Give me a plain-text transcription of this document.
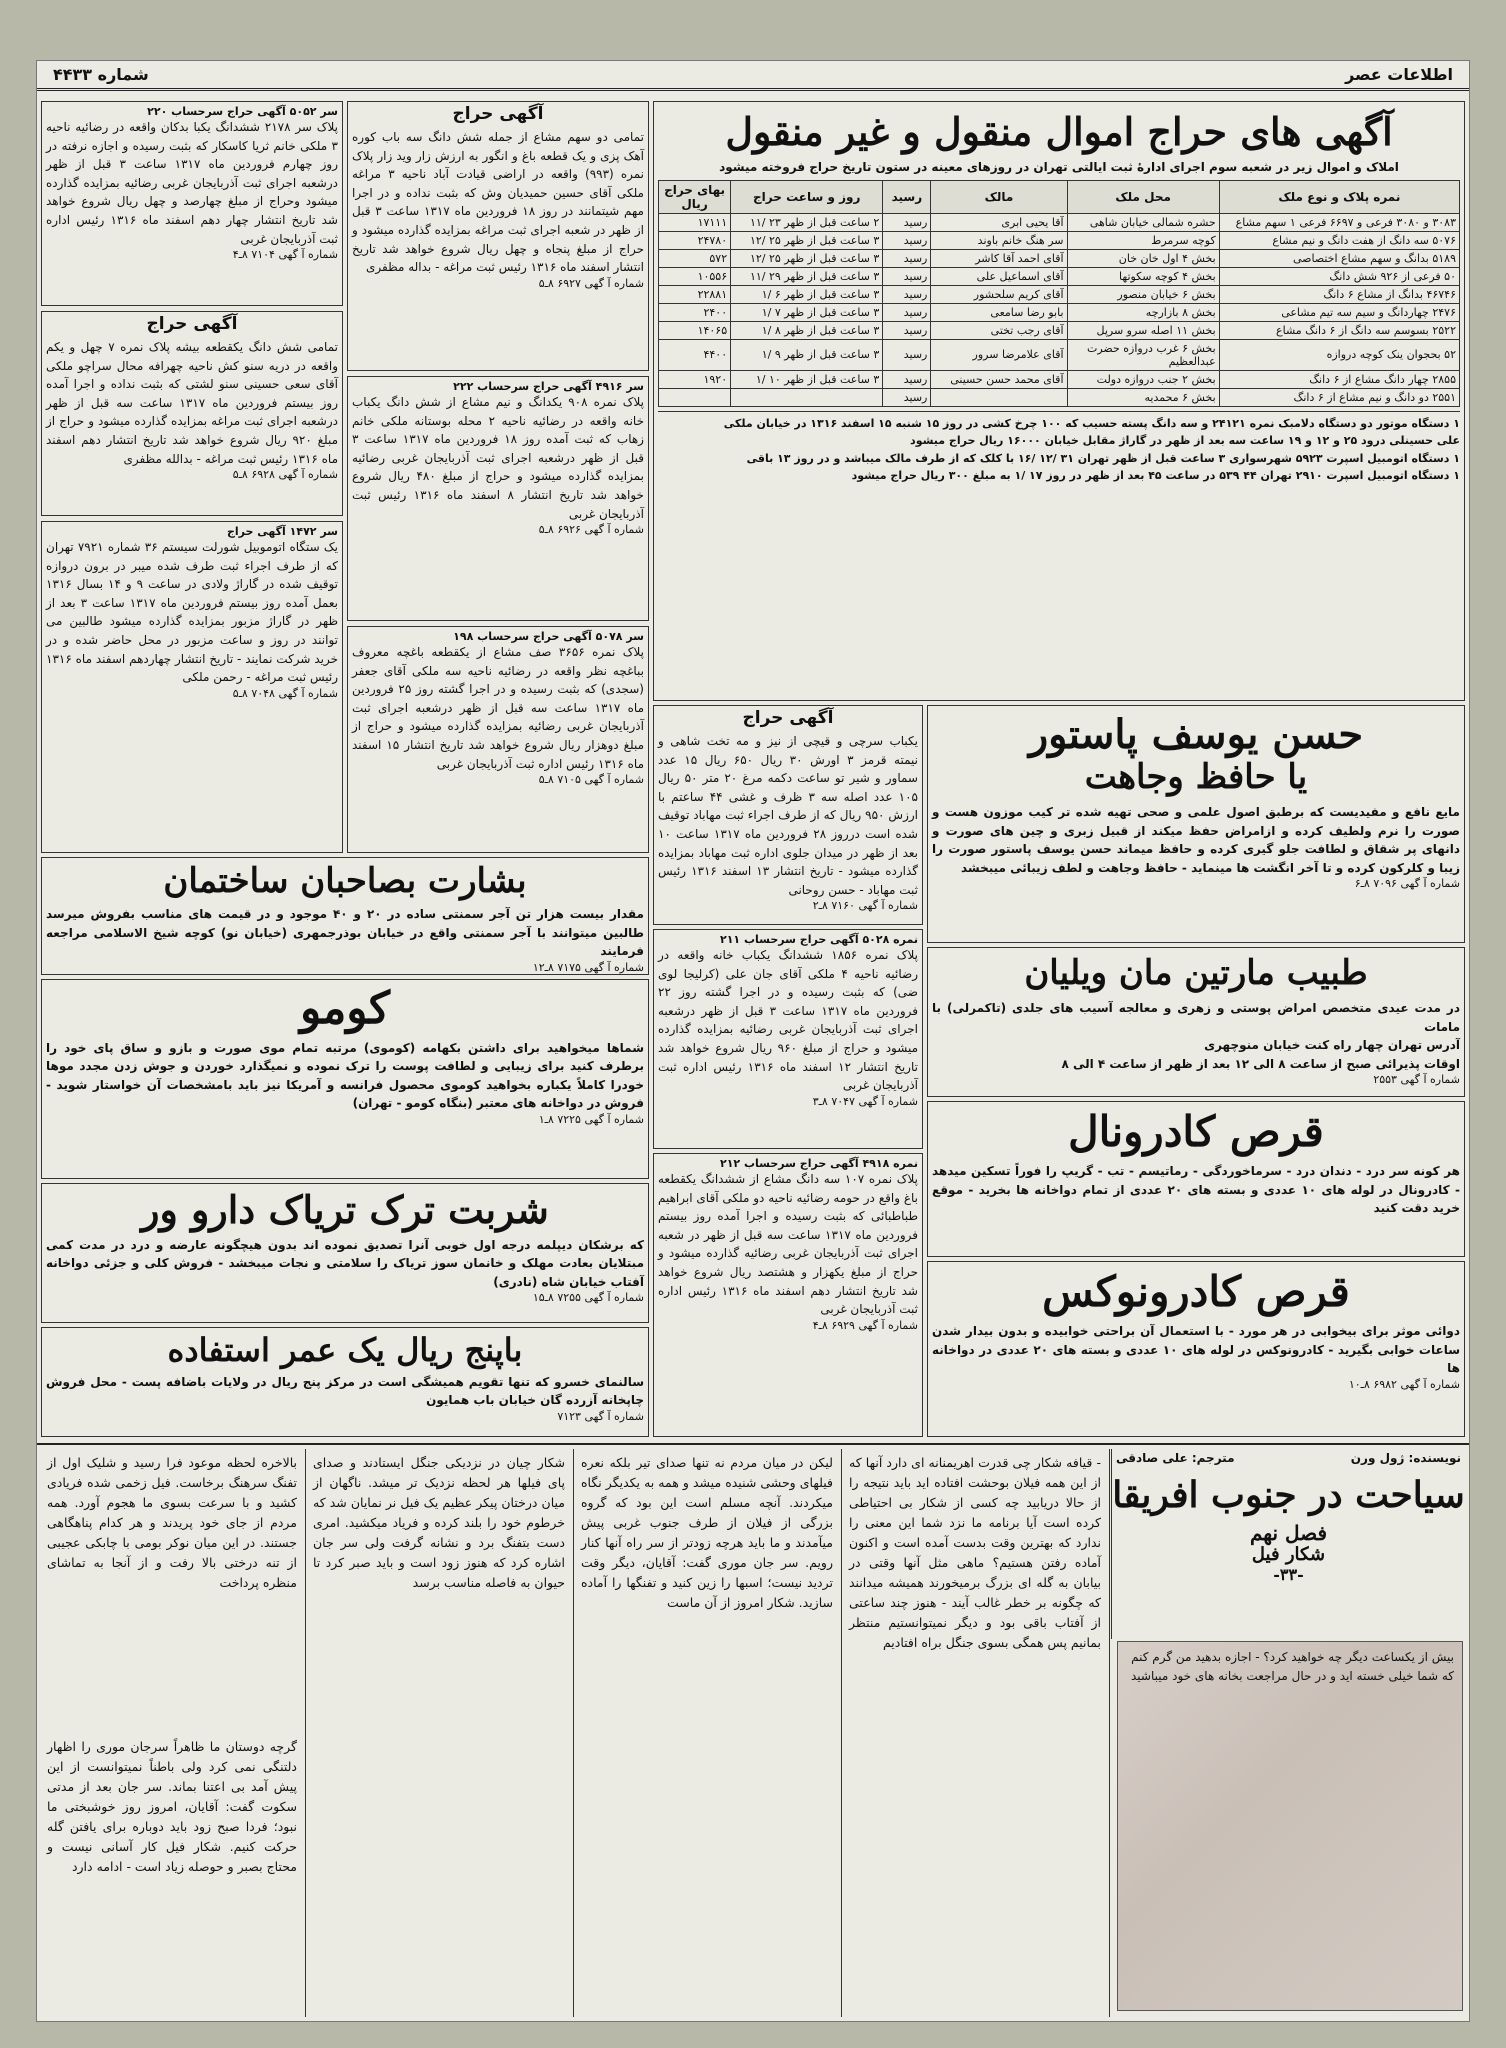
اطلاعات عصر
شماره ۴۴۳۳
آگهی های حراج اموال منقول و غیر منقول
املاک و اموال زیر در شعبه سوم اجرای ادارهٔ ثبت ایالتی تهران در روزهای معینه در ستون تاریخ حراج فروخته میشود
نمره پلاک و نوع ملک	محل ملک	مالک	رسید	روز و ساعت حراج	بهای حراج ریال
۳۰۸۳ و ۳۰۸۰ فرعی و ۶۶۹۷ فرعی ۱ سهم مشاع	حشره شمالی خیابان شاهی	آقا یحیی ابری	رسید	۲ ساعت قبل از ظهر ۲۳ /۱۱	۱۷۱۱۱
۵۰۷۶ سه دانگ از هفت دانگ و نیم مشاع	کوچه سرمرط	سر هنگ خانم باوند	رسید	۳ ساعت قبل از ظهر ۲۵ /۱۲	۲۴۷۸۰
۵۱۸۹ بدانگ و سهم مشاع اختصاصی	بخش ۴ اول خان خان	آقای احمد آقا کاشر	رسید	۳ ساعت قبل از ظهر ۲۵ /۱۲	۵۷۲
۵۰ فرعی از ۹۲۶ شش دانگ	بخش ۴ کوچه سکوتها	آقای اسماعیل علی	رسید	۳ ساعت قبل از ظهر ۲۹ /۱۱	۱۰۵۵۶
۴۶۷۴۶ بدانگ از مشاع ۶ دانگ	بخش ۶ خیابان منصور	آقای کریم سلحشور	رسید	۳ ساعت قبل از ظهر ۶ /۱	۲۲۸۸۱
۲۴۷۶ چهاردانگ و سیم سه تیم مشاعی	بخش ۸ بازارچه	بابو رضا سامعی	رسید	۳ ساعت قبل از ظهر ۷ /۱	۲۴۰۰
۲۵۲۲ بسوسم سه دانگ از ۶ دانگ مشاع	بخش ۱۱ اصله سرو سرپل	آقای رجب تختی	رسید	۳ ساعت قبل از ظهر ۸ /۱	۱۴۰۶۵
۵۲ بحجوان ینک کوچه دروازه	بخش ۶ غرب دروازه حضرت عبدالعظیم	آقای علامرضا سرور	رسید	۳ ساعت قبل از ظهر ۹ /۱	۴۴۰۰
۲۸۵۵ چهار دانگ مشاع از ۶ دانگ	بخش ۲ جنب دروازه دولت	آقای محمد حسن حسینی	رسید	۳ ساعت قبل از ظهر ۱۰ /۱	۱۹۲۰
۲۵۵۱ دو دانگ و نیم مشاع از ۶ دانگ	بخش ۶ محمدیه		رسید		
۱ دستگاه موتور دو دستگاه دلامبک نمره ۲۴۱۲۱ و سه دانگ پسته حسیب که ۱۰۰ چرخ کشی در روز ۱۵ شنبه ۱۵ اسفند ۱۳۱۶ در خیابان ملکی
علی حسینلی درود ۲۵ و ۱۲ و ۱۹ ساعت سه بعد از ظهر در گاراژ مقابل خیابان ۱۶۰۰۰ ریال حراج میشود
۱ دستگاه اتومبیل اسپرت ۵۹۲۳ شهرسواری ۳ ساعت قبل از ظهر تهران ۳۱ /۱۲ /۱۶ با کلک که از طرف مالک میباشد و در روز ۱۳ باقی
۱ دستگاه اتومبیل اسپرت ۲۹۱۰ تهران ۴۴ ۵۳۹ در ساعت ۴۵ بعد از ظهر در روز ۱۷ /۱ به مبلغ ۳۰۰ ریال حراج میشود
سر ۵۰۵۲ آگهی حراج سرحساب ۲۲۰
پلاک سر ۲۱۷۸ ششدانگ یکبا بدکان واقعه در رضائیه ناحیه ۳ ملکی خانم ثریا کاسکار که بثبت رسیده و اجازه نرفته در روز چهارم فروردین ماه ۱۳۱۷ ساعت ۳ قبل از ظهر درشعبه اجرای ثبت آذربایجان غربی رضائیه بمزایده گذارده میشود وحراج از مبلغ چهارصد و چهل ریال شروع خواهد شد تاریخ انتشار چهار دهم اسفند ماه ۱۳۱۶ رئیس اداره ثبت آذربایجان غربی
شماره آ گهی ۷۱۰۴ ۸ـ۴
آگهی حراج
تمامی شش دانگ یکقطعه بیشه پلاک نمره ۷ چهل و یکم واقعه در دریه سنو کش ناحیه چهرافه محال سراچو ملکی آقای سعی حسینی سنو لشتی که بثبت نداده و اجرا آمده روز بیستم فروردین ماه ۱۳۱۷ ساعت سه قبل از ظهر درشعبه اجرای ثبت مراغه بمزایده گذارده میشود و حراج از مبلغ ۹۲۰ ریال شروع خواهد شد تاریخ انتشار دهم اسفند ماه ۱۳۱۶ رئیس ثبت مراغه - بدالله مظفری
شماره آ گهی ۶۹۲۸ ۸ـ۵
سر ۱۴۷۲ آگهی حراج
یک ستگاه اتوموبیل شورلت سیستم ۳۶ شماره ۷۹۲۱ تهران که از طرف اجراء ثبت طرف شده میبر در برون دروازه توقیف شده در گاراژ ولادی در ساعت ۹ و ۱۴ بسال ۱۳۱۶ بعمل آمده روز بیستم فروردین ماه ۱۳۱۷ ساعت ۳ بعد از ظهر در گاراژ مزبور بمزایده گذارده میشود طالبین می توانند در روز و ساعت مزبور در محل حاضر شده و در خرید شرکت نمایند - تاریخ انتشار چهاردهم اسفند ماه ۱۳۱۶ رئیس ثبت مراغه - رحمن ملکی
شماره آ گهی ۷۰۴۸ ۸ـ۵
آگهی حراج
تمامی دو سهم مشاع از جمله شش دانگ سه باب کوره آهک پزی و یک قطعه باغ و انگور به ارزش زار وید زار پلاک نمره (۹۹۳) واقعه در اراضی قیادت آباد ناحیه ۳ مراغه ملکی آقای حسین حمیدیان وش که بثبت نداده و در اجرا مهم شیتمانند در روز ۱۸ فروردین ماه ۱۳۱۷ ساعت ۳ قبل از ظهر در شعبه اجرای ثبت مراغه بمزایده گذارده میشود و حراج از مبلغ پنجاه و چهل ریال شروع خواهد شد تاریخ انتشار اسفند ماه ۱۳۱۶ رئیس ثبت مراغه - بداله مظفری
شماره آ گهی ۶۹۲۷ ۸ـ۵
سر ۴۹۱۶ آگهی حراج سرحساب ۲۲۲
پلاک نمره ۹۰۸ یکدانگ و نیم مشاع از شش دانگ یکباب خانه واقعه در رضائیه ناحیه ۲ محله بوستانه ملکی خانم زهاب که ثبت آمده روز ۱۸ فروردین ماه ۱۳۱۷ ساعت ۳ قبل از ظهر درشعبه اجرای ثبت آذربایجان غربی رضائیه بمزایده گذارده میشود و حراج از مبلغ ۴۸۰ ریال شروع خواهد شد تاریخ انتشار ۸ اسفند ماه ۱۳۱۶ رئیس ثبت آذربایجان غربی
شماره آ گهی ۶۹۲۶ ۸ـ۵
سر ۵۰۷۸ آگهی حراج سرحساب ۱۹۸
پلاک نمره ۳۶۵۶ صف مشاع از یکقطعه باغچه معروف بباغچه نظر واقعه در رضائیه ناحیه سه ملکی آقای جعفر (سجدی) که بثبت رسیده و در اجرا گشته روز ۲۵ فروردین ماه ۱۳۱۷ ساعت سه قبل از ظهر درشعبه اجرای ثبت آذربایجان غربی رضائیه بمزایده گذارده میشود و حراج از مبلغ دوهزار ریال شروع خواهد شد تاریخ انتشار ۱۵ اسفند ماه ۱۳۱۶ رئیس اداره ثبت آذربایجان غربی
شماره آ گهی ۷۱۰۵ ۸ـ۵
بشارت بصاحبان ساختمان
مقدار بیست هزار تن آجر سمنتی ساده در ۲۰ و ۴۰ موجود و در قیمت های مناسب بفروش میرسد طالبین میتوانند با آجر سمنتی واقع در خیابان بوذرجمهری (خیابان نو) کوچه شیخ الاسلامی مراجعه فرمایند
شماره آ گهی ۷۱۷۵ ۸ـ۱۲
کومو
شماها میخواهید برای داشتن بکهامه (کوموی) مرتبه تمام موی صورت و بازو و ساق پای خود را برطرف کنید برای زیبایی و لطافت پوست را ترک نموده و نمیگذارد خوردن و جوش زدن مجدد موها خودرا کاملاً یکباره بخواهید کوموی محصول فرانسه و آمریکا نیز باید بامشخصات آن خواستار شوید - فروش در دواخانه های معتبر (بنگاه کومو - تهران)
شماره آ گهی ۷۲۲۵ ۸ـ۱
شربت ترک تریاک دارو ور
که برشکان دیپلمه درجه اول خوبی آنرا تصدیق نموده اند بدون هیچگونه عارضه و درد در مدت کمی مبتلایان بعادت مهلک و خانمان سوز تریاک را سلامتی و نجات میبخشد - فروش کلی و جزئی دواخانه آفتاب خیابان شاه (نادری)
شماره آ گهی ۷۲۵۵ ۸ـ۱۵
باپنج ریال یک عمر استفاده
سالنمای خسرو که تنها تقویم همیشگی است در مرکز پنج ریال در ولایات باضافه پست - محل فروش چاپخانه آزرده گان خیابان باب همایون
شماره آ گهی ۷۱۲۳
آگهی حراج
یکباب سرچی و قیچی از نیز و مه تخت شاهی و نیمته قرمز ۳ اورش ۳۰ ریال ۶۵۰ ریال ۱۵ عدد سماور و شیر تو ساعت دکمه مرغ ۲۰ متر ۵۰ ریال ۱۰۵ عدد اصله سه ۳ ظرف و غشی ۴۴ ساعتم با ارزش ۹۵۰ ریال که از طرف اجراء ثبت مهاباد توقیف شده است درروز ۲۸ فروردین ماه ۱۳۱۷ ساعت ۱۰ بعد از ظهر در میدان جلوی اداره ثبت مهاباد بمزایده گذارده میشود - تاریخ انتشار ۱۳ اسفند ۱۳۱۶ رئیس ثبت مهاباد - حسن روحانی
شماره آ گهی ۷۱۶۰ ۸ـ۲
نمره ۵۰۲۸ آگهی حراج سرحساب ۲۱۱
پلاک نمره ۱۸۵۶ ششدانگ یکباب خانه واقعه در رضائیه ناحیه ۴ ملکی آقای جان علی (کرلیجا لوی ضی) که بثبت رسیده و در اجرا گشته روز ۲۲ فروردین ماه ۱۳۱۷ ساعت ۳ قبل از ظهر درشعبه اجرای ثبت آذربایجان غربی رضائیه بمزایده گذارده میشود و حراج از مبلغ ۹۶۰ ریال شروع خواهد شد تاریخ انتشار ۱۲ اسفند ماه ۱۳۱۶ رئیس اداره ثبت آذربایجان غربی
شماره آ گهی ۷۰۴۷ ۸ـ۳
نمره ۴۹۱۸ آگهی حراج سرحساب ۲۱۲
پلاک نمره ۱۰۷ سه دانگ مشاع از ششدانگ یکقطعه باغ واقع در حومه رضائیه ناحیه دو ملکی آقای ابراهیم طباطبائی که بثبت رسیده و اجرا آمده روز بیستم فروردین ماه ۱۳۱۷ ساعت سه قبل از ظهر در شعبه اجرای ثبت آذربایجان غربی رضائیه گذارده میشود و حراج از مبلغ یکهزار و هشتصد ریال شروع خواهد شد تاریخ انتشار دهم اسفند ماه ۱۳۱۶ رئیس اداره ثبت آذربایجان غربی
شماره آ گهی ۶۹۲۹ ۸ـ۴
حسن یوسف پاستور
یا حافظ وجاهت
مایع نافع و مفیدیست که برطبق اصول علمی و صحی تهیه شده تر کیب موزون هست و صورت را نرم ولطیف کرده و ازامراض حفظ میکند از قبیل زبری و چین های صورت و دانهای پر شقاق و لطافت جلو گیری کرده و حافظ میماند حسن یوسف پاستور صورت را زیبا و کلرکون کرده و تا آخر انگشت ها مینماید - حافظ وجاهت و لطف زیبائی میبخشد
شماره آ گهی ۷۰۹۶ ۸ـ۶
طبیب مارتین مان ویلیان
در مدت عیدی متخصص امراض پوستی و زهری و معالجه آسیب های جلدی (تاکمرلی) با مامات
آدرس تهران چهار راه کنت خیابان منوچهری
اوقات پذیرائی صبح از ساعت ۸ الی ۱۲ بعد از ظهر از ساعت ۴ الی ۸
شماره آ گهی ۲۵۵۳
قرص کادرونال
هر کونه سر درد - دندان درد - سرماخوردگی - رماتیسم - تب - گریپ را فوراً تسکین میدهد - کادرونال در لوله های ۱۰ عددی و بسته های ۲۰ عددی از تمام دواخانه ها بخرید - موقع خرید دقت کنید
قرص کادرونوکس
دوائی موثر برای بیخوابی در هر مورد - با استعمال آن براحتی خوابیده و بدون بیدار شدن ساعات خوابی بگیرید - کادرونوکس در لوله های ۱۰ عددی و بسته های ۲۰ عددی در دواخانه ها
شماره آ گهی ۶۹۸۲ ۸ـ۱۰
نویسنده: ژول ورن
مترجم: علی صادقی
سیاحت در جنوب افریقا
فصل نهم
شکار فیل
-۳۳-
بیش از یکساعت دیگر چه خواهید کرد؟ - اجازه بدهید من گرم کنم که شما خیلی خسته اید و در حال مراجعت بخانه های خود میباشید
- قیافه شکار چی قدرت اهریمنانه ای دارد آنها که از این همه فیلان بوحشت افتاده اید باید نتیجه را از حالا دریابید چه کسی از شکار بی احتیاطی کرده است آیا برنامه ما نزد شما این معنی را ندارد که بهترین وقت بدست آمده است و اکنون آماده رفتن هستیم؟ ماهی مثل آنها وقتی در بیابان به گله ای بزرگ برمیخورند همیشه میدانند که چگونه بر خطر غالب آیند - هنوز چند ساعتی از آفتاب باقی بود و دیگر نمیتوانستیم منتظر بمانیم پس همگی بسوی جنگل براه افتادیم
لیکن در میان مردم نه تنها صدای تیر بلکه نعره فیلهای وحشی شنیده میشد و همه به یکدیگر نگاه میکردند. آنچه مسلم است این بود که گروه بزرگی از فیلان از طرف جنوب غربی پیش میآمدند و ما باید هرچه زودتر از سر راه آنها کنار رویم. سر جان موری گفت: آقایان، دیگر وقت تردید نیست؛ اسبها را زین کنید و تفنگها را آماده سازید. شکار امروز از آن ماست
شکار چیان در نزدیکی جنگل ایستادند و صدای پای فیلها هر لحظه نزدیک تر میشد. ناگهان از میان درختان پیکر عظیم یک فیل نر نمایان شد که خرطوم خود را بلند کرده و فریاد میکشید. امری دست بتفنگ برد و نشانه گرفت ولی سر جان اشاره کرد که هنوز زود است و باید صبر کرد تا حیوان به فاصله مناسب برسد
بالاخره لحظه موعود فرا رسید و شلیک اول از تفنگ سرهنگ برخاست. فیل زخمی شده فریادی کشید و با سرعت بسوی ما هجوم آورد. همه مردم از جای خود پریدند و هر کدام پناهگاهی جستند. در این میان نوکر بومی با چابکی عجیبی از تنه درختی بالا رفت و از آنجا به تماشای منظره پرداخت
گرچه دوستان ما ظاهراً سرجان موری را اظهار دلتنگی نمی کرد ولی باطناً نمیتوانست از این پیش آمد بی اعتنا بماند. سر جان بعد از مدتی سکوت گفت: آقایان، امروز روز خوشبختی ما نبود؛ فردا صبح زود باید دوباره برای یافتن گله حرکت کنیم. شکار فیل کار آسانی نیست و محتاج بصبر و حوصله زیاد است - ادامه دارد
